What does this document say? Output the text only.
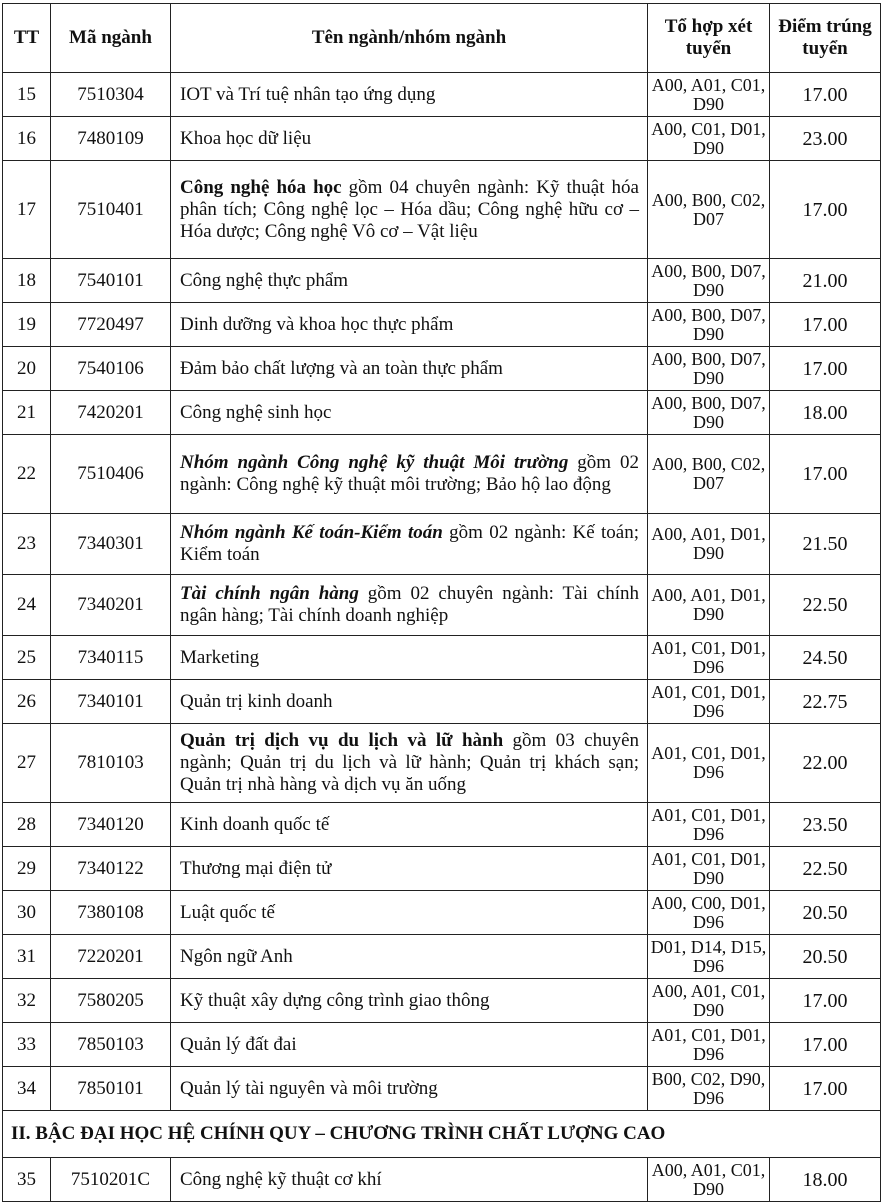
TT	Mã ngành	Tên ngành/nhóm ngành	Tổ hợp xét tuyển	Điểm trúng tuyển
15	7510304	IOT và Trí tuệ nhân tạo ứng dụng	A00, A01, C01, D90	17.00
16	7480109	Khoa học dữ liệu	A00, C01, D01, D90	23.00
17	7510401	Công nghệ hóa học gồm 04 chuyên ngành: Kỹ thuật hóa phân tích; Công nghệ lọc – Hóa dầu; Công nghệ hữu cơ – Hóa dược; Công nghệ Vô cơ – Vật liệu	A00, B00, C02, D07	17.00
18	7540101	Công nghệ thực phẩm	A00, B00, D07, D90	21.00
19	7720497	Dinh dưỡng và khoa học thực phẩm	A00, B00, D07, D90	17.00
20	7540106	Đảm bảo chất lượng và an toàn thực phẩm	A00, B00, D07, D90	17.00
21	7420201	Công nghệ sinh học	A00, B00, D07, D90	18.00
22	7510406	Nhóm ngành Công nghệ kỹ thuật Môi trường gồm 02 ngành: Công nghệ kỹ thuật môi trường; Bảo hộ lao động	A00, B00, C02, D07	17.00
23	7340301	Nhóm ngành Kế toán-Kiểm toán gồm 02 ngành: Kế toán; Kiểm toán	A00, A01, D01, D90	21.50
24	7340201	Tài chính ngân hàng gồm 02 chuyên ngành: Tài chính ngân hàng; Tài chính doanh nghiệp	A00, A01, D01, D90	22.50
25	7340115	Marketing	A01, C01, D01, D96	24.50
26	7340101	Quản trị kinh doanh	A01, C01, D01, D96	22.75
27	7810103	Quản trị dịch vụ du lịch và lữ hành gồm 03 chuyên ngành; Quản trị du lịch và lữ hành; Quản trị khách sạn; Quản trị nhà hàng và dịch vụ ăn uống	A01, C01, D01, D96	22.00
28	7340120	Kinh doanh quốc tế	A01, C01, D01, D96	23.50
29	7340122	Thương mại điện tử	A01, C01, D01, D90	22.50
30	7380108	Luật quốc tế	A00, C00, D01, D96	20.50
31	7220201	Ngôn ngữ Anh	D01, D14, D15, D96	20.50
32	7580205	Kỹ thuật xây dựng công trình giao thông	A00, A01, C01, D90	17.00
33	7850103	Quản lý đất đai	A01, C01, D01, D96	17.00
34	7850101	Quản lý tài nguyên và môi trường	B00, C02, D90, D96	17.00
II. BẬC ĐẠI HỌC HỆ CHÍNH QUY – CHƯƠNG TRÌNH CHẤT LƯỢNG CAO				
35	7510201C	Công nghệ kỹ thuật cơ khí	A00, A01, C01, D90	18.00
